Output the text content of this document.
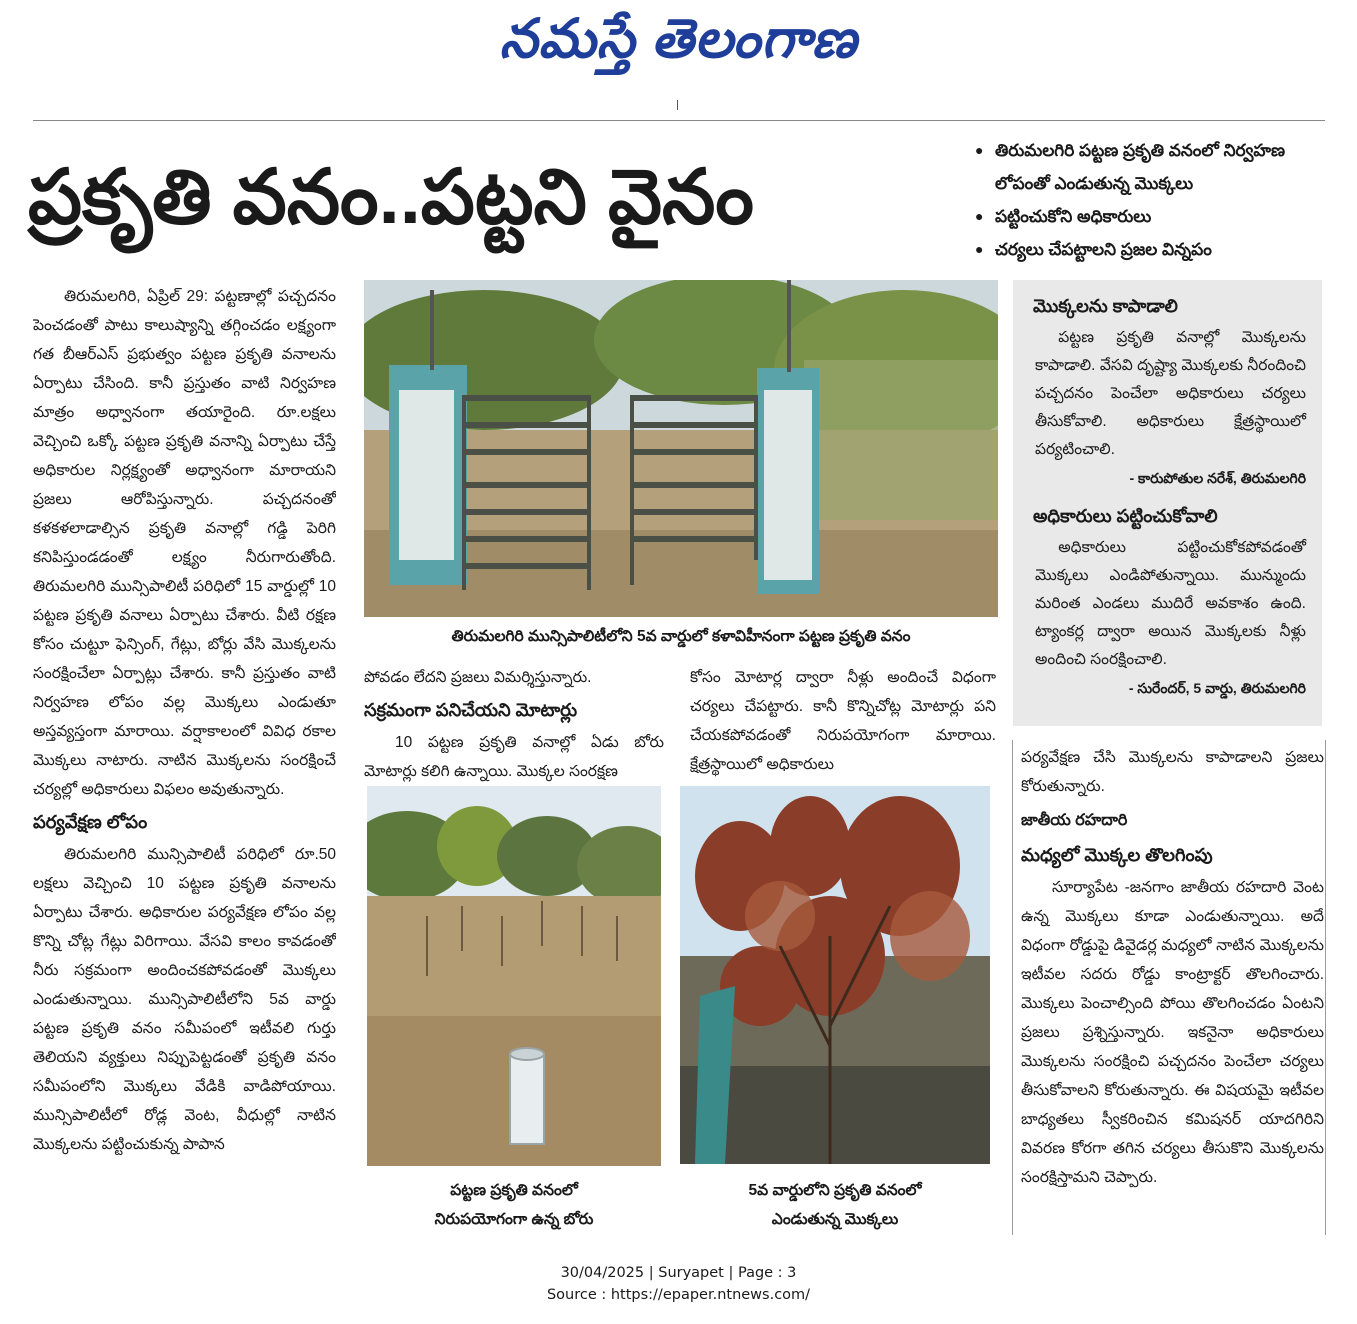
నమస్తే తెలంగాణ
ప్రకృతి వనం..పట్టని వైనం
● తిరుమలగిరి పట్టణ ప్రకృతి వనంలో నిర్వహణ లోపంతో ఎండుతున్న మొక్కలు
● పట్టించుకోని అధికారులు
● చర్యలు చేపట్టాలని ప్రజల విన్నపం

తిరుమలగిరి, ఏప్రిల్ 29: పట్టణాల్లో పచ్చదనం పెంచడంతో పాటు కాలుష్యాన్ని తగ్గించడం లక్ష్యంగా గత బీఆర్ఎస్ ప్రభుత్వం పట్టణ ప్రకృతి వనాలను ఏర్పాటు చేసింది. కానీ ప్రస్తుతం వాటి నిర్వహణ మాత్రం అధ్వానంగా తయారైంది. రూ.లక్షలు వెచ్చించి ఒక్కో పట్టణ ప్రకృతి వనాన్ని ఏర్పాటు చేస్తే అధికారుల నిర్లక్ష్యంతో అధ్వానంగా మారాయని ప్రజలు ఆరోపిస్తున్నారు. పచ్చదనంతో కళకళలాడాల్సిన ప్రకృతి వనాల్లో గడ్డి పెరిగి కనిపిస్తుండడంతో లక్ష్యం నీరుగారుతోంది. తిరుమలగిరి మున్సిపాలిటీ పరిధిలో 15 వార్డుల్లో 10 పట్టణ ప్రకృతి వనాలు ఏర్పాటు చేశారు. వీటి రక్షణ కోసం చుట్టూ ఫెన్సింగ్, గేట్లు, బోర్లు వేసి మొక్కలను సంరక్షించేలా ఏర్పాట్లు చేశారు. కానీ ప్రస్తుతం వాటి నిర్వహణ లోపం వల్ల మొక్కలు ఎండుతూ అస్తవ్యస్తంగా మారాయి. వర్షాకాలంలో వివిధ రకాల మొక్కలు నాటారు. నాటిన మొక్కలను సంరక్షించే చర్యల్లో అధికారులు విఫలం అవుతున్నారు.

పర్యవేక్షణ లోపం

తిరుమలగిరి మున్సిపాలిటీ పరిధిలో రూ.50 లక్షలు వెచ్చించి 10 పట్టణ ప్రకృతి వనాలను ఏర్పాటు చేశారు. అధికారుల పర్యవేక్షణ లోపం వల్ల కొన్ని చోట్ల గేట్లు విరిగాయి. వేసవి కాలం కావడంతో నీరు సక్రమంగా అందించకపోవడంతో మొక్కలు ఎండుతున్నాయి. మున్సిపాలిటీలోని 5వ వార్డు పట్టణ ప్రకృతి వనం సమీపంలో ఇటీవలి గుర్తు తెలియని వ్యక్తులు నిప్పుపెట్టడంతో ప్రకృతి వనం సమీపంలోని మొక్కలు వేడికి వాడిపోయాయి. మున్సిపాలిటీలో రోడ్ల వెంట, వీధుల్లో నాటిన మొక్కలను పట్టించుకున్న పాపాన

తిరుమలగిరి మున్సిపాలిటీలోని 5వ వార్డులో కళావిహీనంగా పట్టణ ప్రకృతి వనం

పోవడం లేదని ప్రజలు విమర్శిస్తున్నారు.

సక్రమంగా పనిచేయని మోటార్లు

10 పట్టణ ప్రకృతి వనాల్లో ఏడు బోరు మోటార్లు కలిగి ఉన్నాయి. మొక్కల సంరక్షణ

కోసం మోటార్ల ద్వారా నీళ్లు అందించే విధంగా చర్యలు చేపట్టారు. కానీ కొన్నిచోట్ల మోటార్లు పని చేయకపోవడంతో నిరుపయోగంగా మారాయి. క్షేత్రస్థాయిలో అధికారులు

పట్టణ ప్రకృతి వనంలో
నిరుపయోగంగా ఉన్న బోరు
5వ వార్డులోని ప్రకృతి వనంలో
ఎండుతున్న మొక్కలు
మొక్కలను కాపాడాలి

పట్టణ ప్రకృతి వనాల్లో మొక్కలను కాపాడాలి. వేసవి దృష్ట్యా మొక్కలకు నీరందించి పచ్చదనం పెంచేలా అధికారులు చర్యలు తీసుకోవాలి. అధికారులు క్షేత్రస్థాయిలో పర్యటించాలి.

- కారుపోతుల నరేశ్, తిరుమలగిరి
అధికారులు పట్టించుకోవాలి

అధికారులు పట్టించుకోకపోవడంతో మొక్కలు ఎండిపోతున్నాయి. మున్ముందు మరింత ఎండలు ముదిరే అవకాశం ఉంది. ట్యాంకర్ల ద్వారా అయిన మొక్కలకు నీళ్లు అందించి సంరక్షించాలి.

- సురేందర్, 5 వార్డు, తిరుమలగిరి

పర్యవేక్షణ చేసి మొక్కలను కాపాడాలని ప్రజలు కోరుతున్నారు.

జాతీయ రహదారి
మధ్యలో మొక్కల తొలగింపు

సూర్యాపేట -జనగాం జాతీయ రహదారి వెంట ఉన్న మొక్కలు కూడా ఎండుతున్నాయి. అదే విధంగా రోడ్డుపై డివైడర్ల మధ్యలో నాటిన మొక్కలను ఇటీవల సదరు రోడ్డు కాంట్రాక్టర్ తొలగించారు. మొక్కలు పెంచాల్సింది పోయి తొలగించడం ఏంటని ప్రజలు ప్రశ్నిస్తున్నారు. ఇకనైనా అధికారులు మొక్కలను సంరక్షించి పచ్చదనం పెంచేలా చర్యలు తీసుకోవాలని కోరుతున్నారు. ఈ విషయమై ఇటీవల బాధ్యతలు స్వీకరించిన కమిషనర్ యాదగిరిని వివరణ కోరగా తగిన చర్యలు తీసుకొని మొక్కలను సంరక్షిస్తామని చెప్పారు.

30/04/2025 | Suryapet | Page : 3
Source : https://epaper.ntnews.com/
